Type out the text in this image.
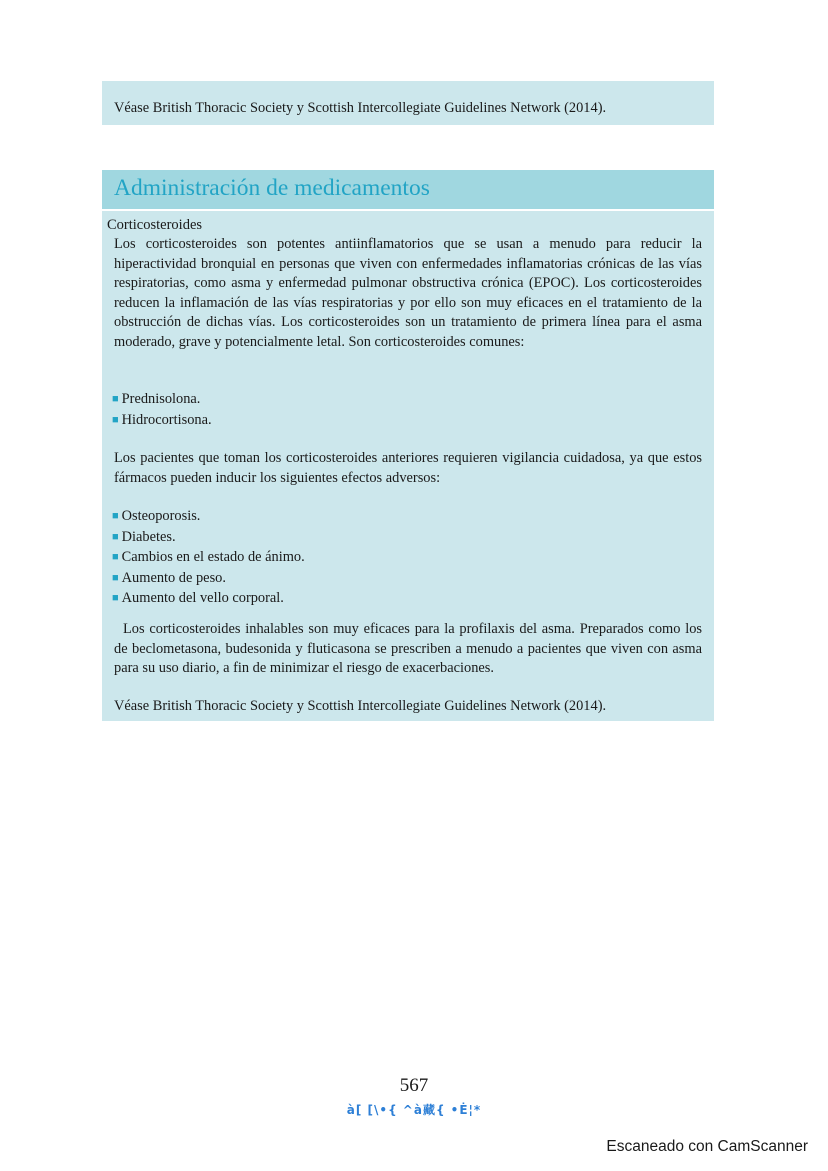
Véase British Thoracic Society y Scottish Intercollegiate Guidelines Network (2014).
Administración de medicamentos
Corticosteroides
Los corticosteroides son potentes antiinflamatorios que se usan a menudo para reducir la hiperactividad bronquial en personas que viven con enfermedades inflamatorias crónicas de las vías respiratorias, como asma y enfermedad pulmonar obstructiva crónica (EPOC). Los corticosteroides reducen la inflamación de las vías respiratorias y por ello son muy eficaces en el tratamiento de la obstrucción de dichas vías. Los corticosteroides son un tratamiento de primera línea para el asma moderado, grave y potencialmente letal. Son corticosteroides comunes:
■ Prednisolona.
■ Hidrocortisona.
Los pacientes que toman los corticosteroides anteriores requieren vigilancia cuidadosa, ya que estos fármacos pueden inducir los siguientes efectos adversos:
■ Osteoporosis.
■ Diabetes.
■ Cambios en el estado de ánimo.
■ Aumento de peso.
■ Aumento del vello corporal.
Los corticosteroides inhalables son muy eficaces para la profilaxis del asma. Preparados como los de beclometasona, budesonida y fluticasona se prescriben a menudo a pacientes que viven con asma para su uso diario, a fin de minimizar el riesgo de exacerbaciones.
Véase British Thoracic Society y Scottish Intercollegiate Guidelines Network (2014).
567
à[ [\•{ ^à藏{ •Ė¦*
Escaneado con CamScanner
